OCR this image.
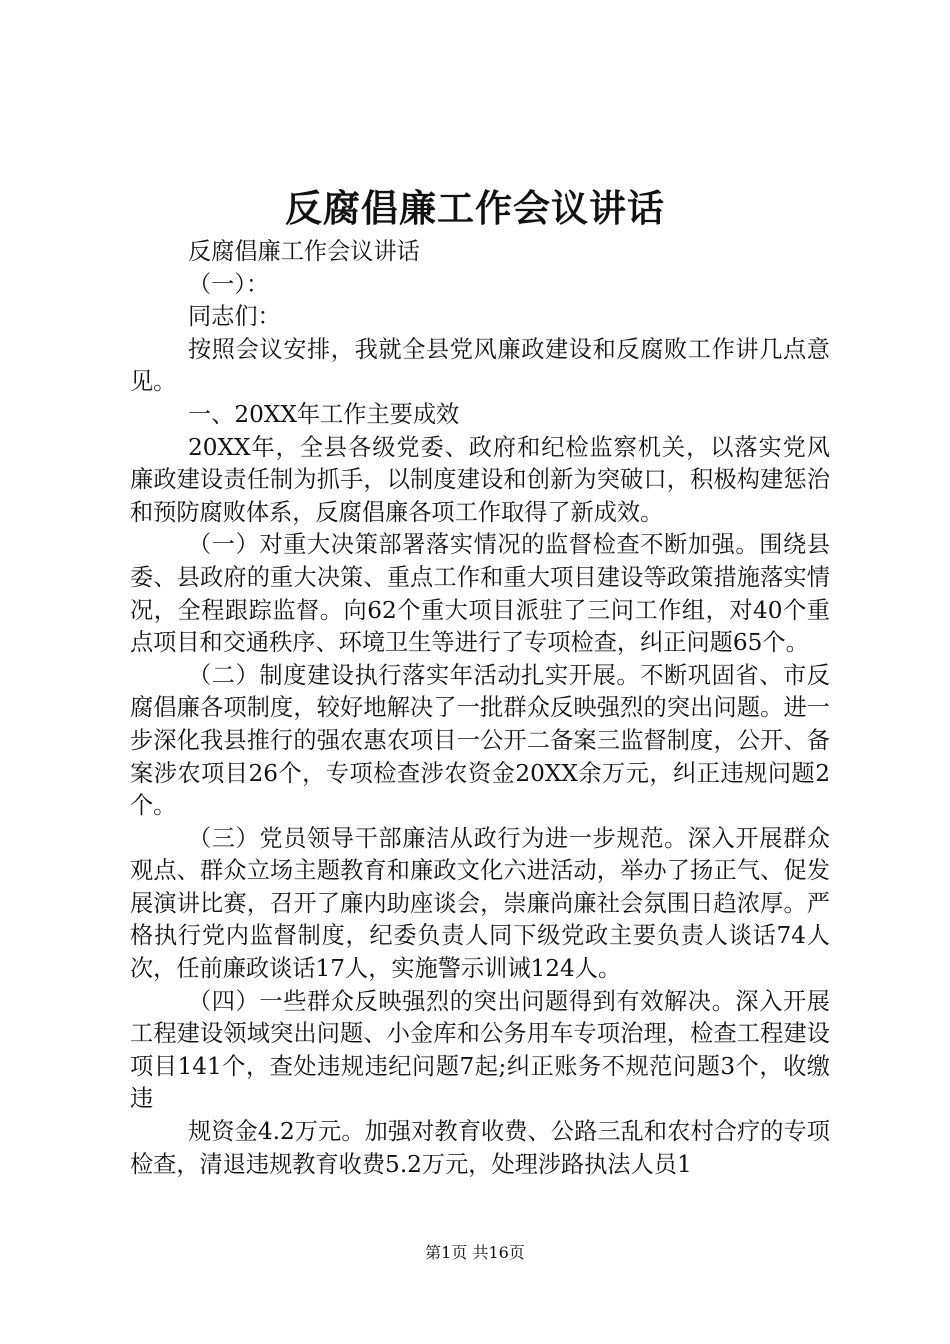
反腐倡廉工作会议讲话

反腐倡廉工作会议讲话

（一）：

同志们：

按照会议安排，我就全县党风廉政建设和反腐败工作讲几点意见。

一、20XX年工作主要成效

20XX年，全县各级党委、政府和纪检监察机关，以落实党风廉政建设责任制为抓手，以制度建设和创新为突破口，积极构建惩治和预防腐败体系，反腐倡廉各项工作取得了新成效。

（一）对重大决策部署落实情况的监督检查不断加强。围绕县委、县政府的重大决策、重点工作和重大项目建设等政策措施落实情况，全程跟踪监督。向62个重大项目派驻了三问工作组，对40个重点项目和交通秩序、环境卫生等进行了专项检查，纠正问题65个。

（二）制度建设执行落实年活动扎实开展。不断巩固省、市反腐倡廉各项制度，较好地解决了一批群众反映强烈的突出问题。进一步深化我县推行的强农惠农项目一公开二备案三监督制度，公开、备案涉农项目26个，专项检查涉农资金20XX余万元，纠正违规问题2个。

（三）党员领导干部廉洁从政行为进一步规范。深入开展群众观点、群众立场主题教育和廉政文化六进活动，举办了扬正气、促发展演讲比赛，召开了廉内助座谈会，崇廉尚廉社会氛围日趋浓厚。严格执行党内监督制度，纪委负责人同下级党政主要负责人谈话74人次，任前廉政谈话17人，实施警示训诫124人。

（四）一些群众反映强烈的突出问题得到有效解决。深入开展工程建设领域突出问题、小金库和公务用车专项治理，检查工程建设项目141个，查处违规违纪问题7起;纠正账务不规范问题3个，收缴违

规资金4.2万元。加强对教育收费、公路三乱和农村合疗的专项检查，清退违规教育收费5.2万元，处理涉路执法人员1

第1页 共16页
